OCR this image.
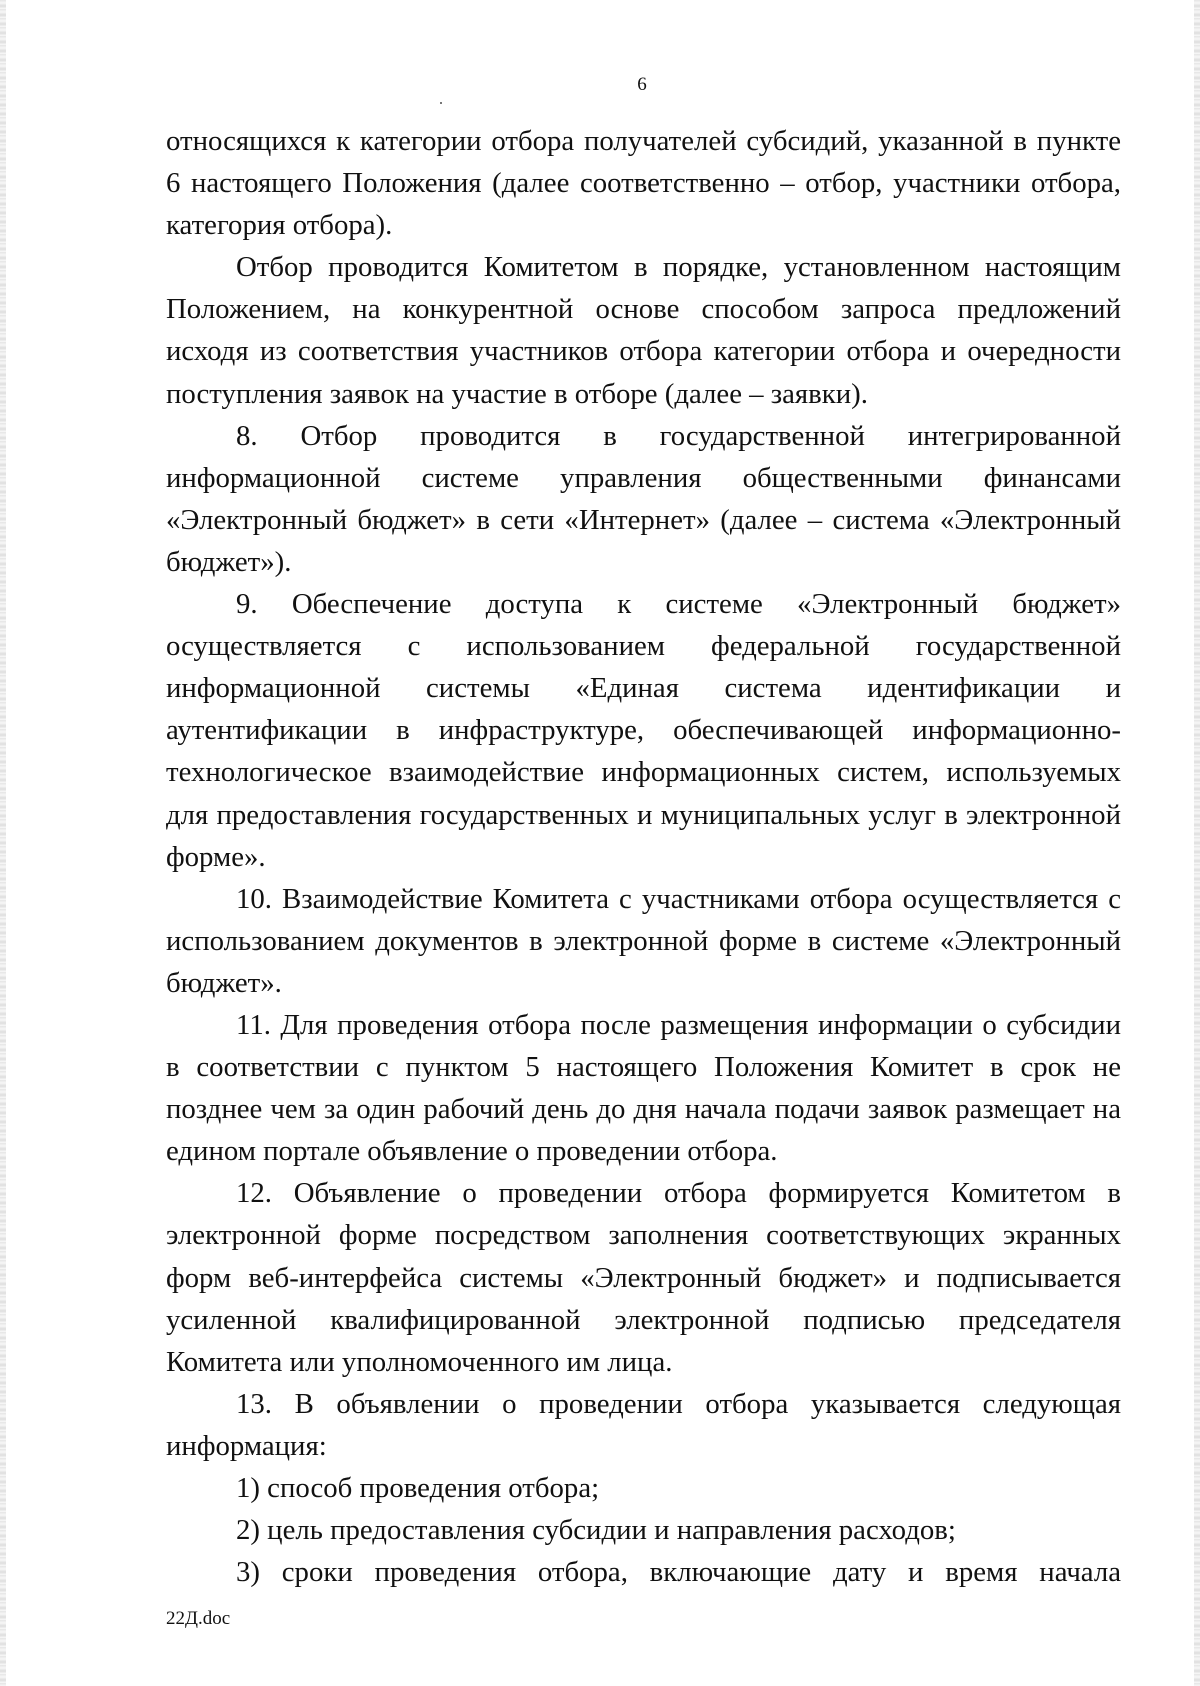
6

относящихся к категории отбора получателей субсидий, указанной в пункте 6 настоящего Положения (далее соответственно – отбор, участники отбора, категория отбора).

Отбор проводится Комитетом в порядке, установленном настоящим Положением, на конкурентной основе способом запроса предложений исходя из соответствия участников отбора категории отбора и очередности поступления заявок на участие в отборе (далее – заявки).

8. Отбор проводится в государственной интегрированной информационной системе управления общественными финансами «Электронный бюджет» в сети «Интернет» (далее – система «Электронный бюджет»).

9. Обеспечение доступа к системе «Электронный бюджет» осуществляется с использованием федеральной государственной информационной системы «Единая система идентификации и аутентификации в инфраструктуре, обеспечивающей информационно-технологическое взаимодействие информационных систем, используемых для предоставления государственных и муниципальных услуг в электронной форме».

10. Взаимодействие Комитета с участниками отбора осуществляется с использованием документов в электронной форме в системе «Электронный бюджет».

11. Для проведения отбора после размещения информации о субсидии в соответствии с пунктом 5 настоящего Положения Комитет в срок не позднее чем за один рабочий день до дня начала подачи заявок размещает на едином портале объявление о проведении отбора.

12. Объявление о проведении отбора формируется Комитетом в электронной форме посредством заполнения соответствующих экранных форм веб-интерфейса системы «Электронный бюджет» и подписывается усиленной квалифицированной электронной подписью председателя Комитета или уполномоченного им лица.

13. В объявлении о проведении отбора указывается следующая информация:

1) способ проведения отбора;

2) цель предоставления субсидии и направления расходов;

3) сроки проведения отбора, включающие дату и время начала

22Д.doc
